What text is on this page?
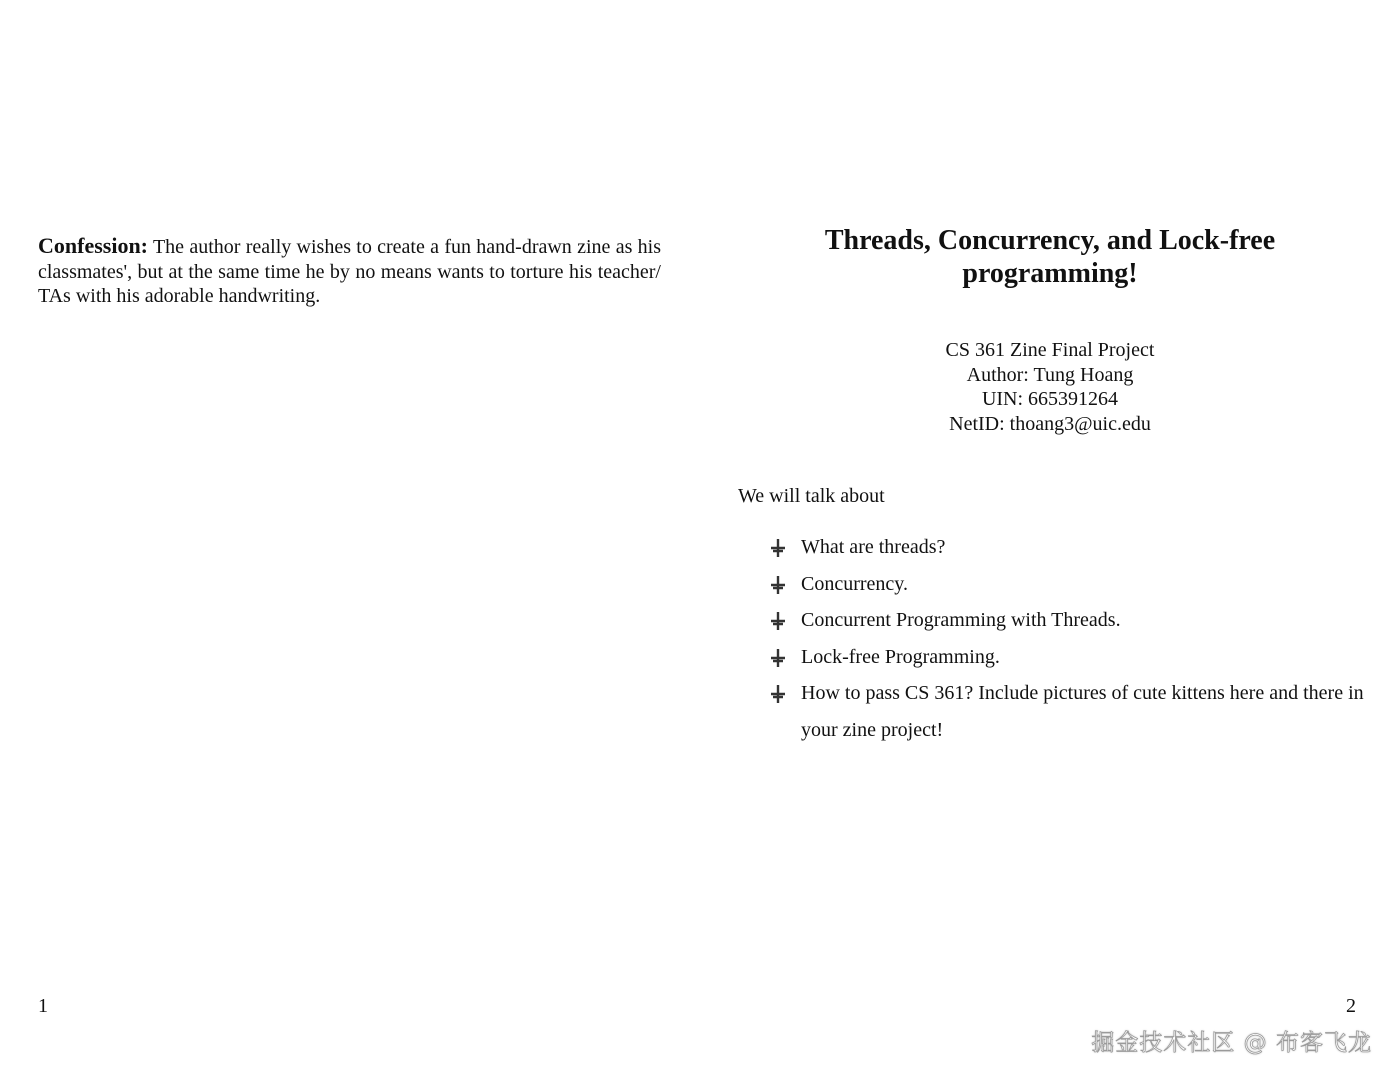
Confession: The author really wishes to create a fun hand-drawn zine as his classmates', but at the same time he by no means wants to torture his teacher/ TAs with his adorable handwriting.

1
Threads, Concurrency, and Lock-free
programming!
CS 361 Zine Final Project
Author: Tung Hoang
UIN: 665391264
NetID: thoang3@uic.edu

We will talk about

What are threads?
Concurrency.
Concurrent Programming with Threads.
Lock-free Programming.
How to pass CS 361? Include pictures of cute kittens here and there in your zine project!
2
掘金技术社区 @ 布客飞龙
